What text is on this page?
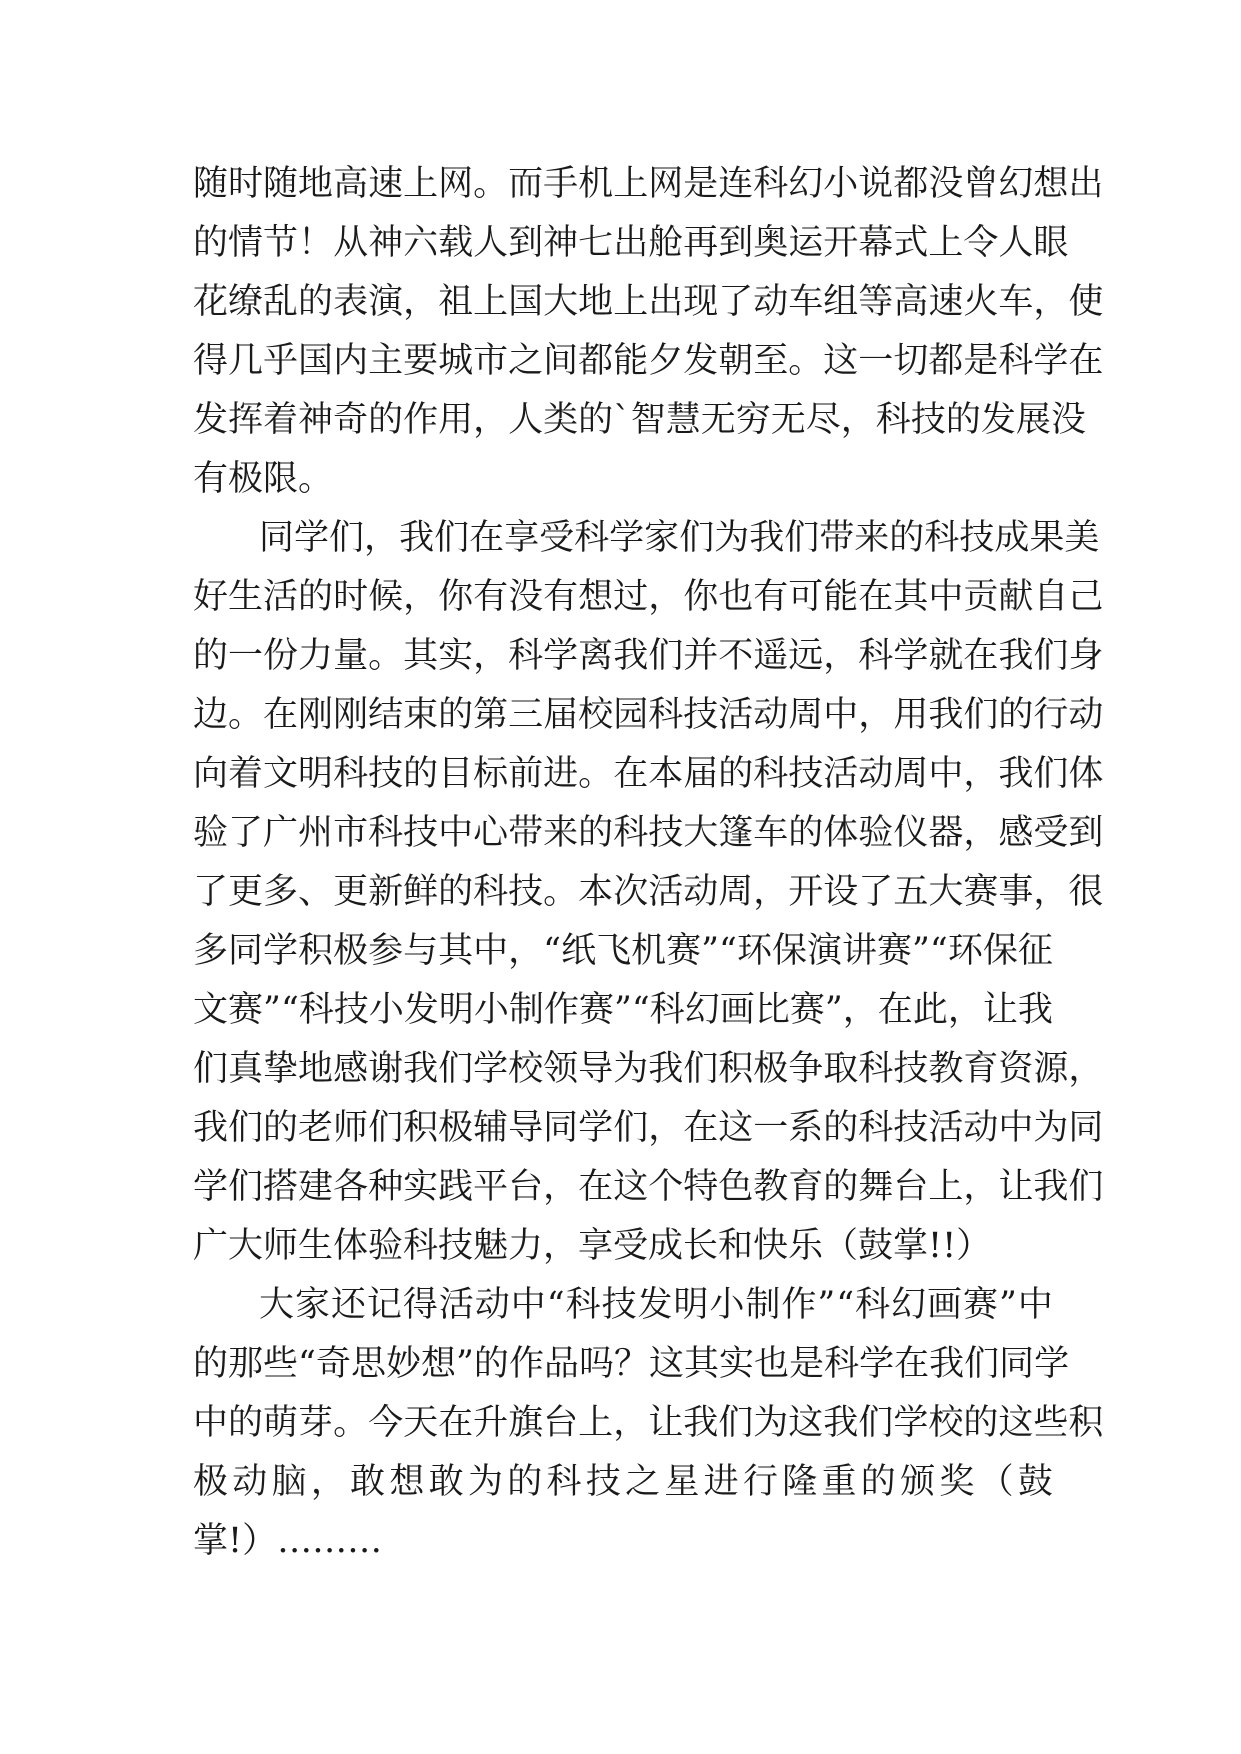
随 时 随 地 高 速 上 网 。 而 手 机 上 网 是 连 科 幻 小 说 都 没 曾 幻 想 出
的 情 节 ！ 从 神 六 载 人 到 神 七 出 舱 再 到 奥 运 开 幕 式 上 令 人 眼
花 缭 乱 的 表 演 ， 祖 上 国 大 地 上 出 现 了 动 车 组 等 高 速 火 车 ， 使
得 几 乎 国 内 主 要 城 市 之 间 都 能 夕 发 朝 至 。 这 一 切 都 是 科 学 在
发 挥 着 神 奇 的 作 用 ， 人 类 的 ` 智 慧 无 穷 无 尽 ， 科 技 的 发 展 没
有极限。
同 学 们 ， 我 们 在 享 受 科 学 家 们 为 我 们 带 来 的 科 技 成 果 美
好 生 活 的 时 候 ， 你 有 没 有 想 过 ， 你 也 有 可 能 在 其 中 贡 献 自 己
的 一 份 力 量 。 其 实 ， 科 学 离 我 们 并 不 遥 远 ， 科 学 就 在 我 们 身
边 。 在 刚 刚 结 束 的 第 三 届 校 园 科 技 活 动 周 中 ， 用 我 们 的 行 动
向 着 文 明 科 技 的 目 标 前 进 。 在 本 届 的 科 技 活 动 周 中 ， 我 们 体
验 了 广 州 市 科 技 中 心 带 来 的 科 技 大 篷 车 的 体 验 仪 器 ， 感 受 到
了 更 多 、 更 新 鲜 的 科 技 。 本 次 活 动 周 ， 开 设 了 五 大 赛 事 ， 很
多 同 学 积 极 参 与 其 中 ， “ 纸 飞 机 赛 ” “ 环 保 演 讲 赛 ” “ 环 保 征
文 赛 ” “ 科 技 小 发 明 小 制 作 赛 ” “ 科 幻 画 比 赛 ” ， 在 此 ， 让 我
们 真 挚 地 感 谢 我 们 学 校 领 导 为 我 们 积 极 争 取 科 技 教 育 资 源 ，
我 们 的 老 师 们 积 极 辅 导 同 学 们 ， 在 这 一 系 的 科 技 活 动 中 为 同
学 们 搭 建 各 种 实 践 平 台 ， 在 这 个 特 色 教 育 的 舞 台 上 ， 让 我 们
广大师生体验科技魅力，享受成长和快乐（鼓掌!!）
大 家 还 记 得 活 动 中 “ 科 技 发 明 小 制 作 ” “ 科 幻 画 赛 ” 中
的 那 些 “ 奇 思 妙 想 ” 的 作 品 吗 ？ 这 其 实 也 是 科 学 在 我 们 同 学
中 的 萌 芽 。 今 天 在 升 旗 台 上 ， 让 我 们 为 这 我 们 学 校 的 这 些 积
极 动 脑 ， 敢 想 敢 为 的 科 技 之 星 进 行 隆 重 的 颁 奖 （ 鼓
掌!）………
